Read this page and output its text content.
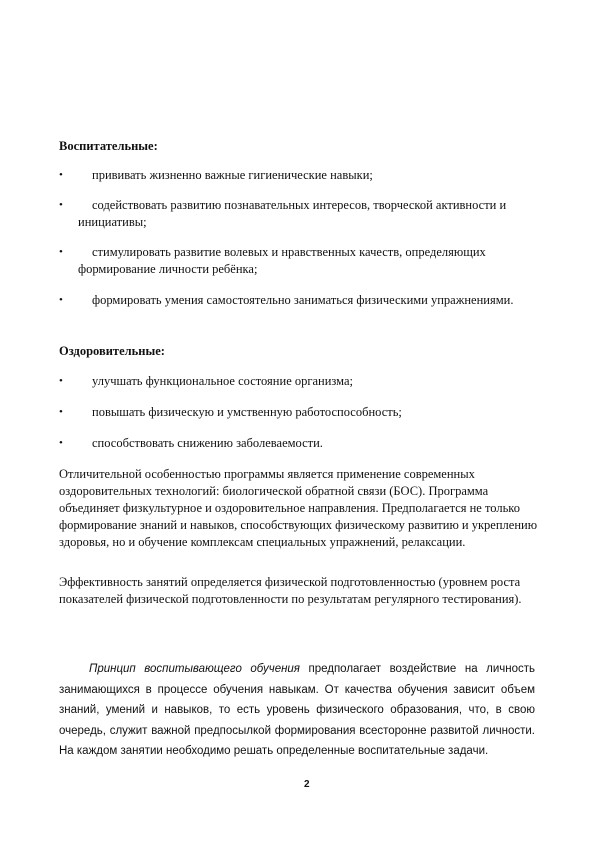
Воспитательные:
•	прививать жизненно важные гигиенические навыки;
•	содействовать развитию познавательных интересов, творческой активности и инициативы;
•	стимулировать развитие волевых и нравственных качеств, определяющих формирование личности ребёнка;
•	формировать умения самостоятельно заниматься физическими упражнениями.
Оздоровительные:
•	улучшать функциональное состояние организма;
•	повышать физическую и умственную работоспособность;
•	способствовать снижению заболеваемости.
Отличительной особенностью программы является применение современных оздоровительных технологий: биологической обратной связи (БОС). Программа объединяет физкультурное и оздоровительное направления. Предполагается не только формирование знаний и навыков, способствующих физическому развитию и укреплению здоровья, но и обучение комплексам специальных упражнений, релаксации.
Эффективность занятий определяется физической подготовленностью (уровнем роста показателей физической подготовленности по результатам регулярного тестирования).
Принцип воспитывающего обучения предполагает воздействие на личность занимающихся в процессе обучения навыкам. От качества обучения зависит объем знаний, умений и навыков, то есть уровень физического образования, что, в свою очередь, служит важной предпосылкой формирования всесторонне развитой личности. На каждом занятии необходимо решать определенные воспитательные задачи.
2
